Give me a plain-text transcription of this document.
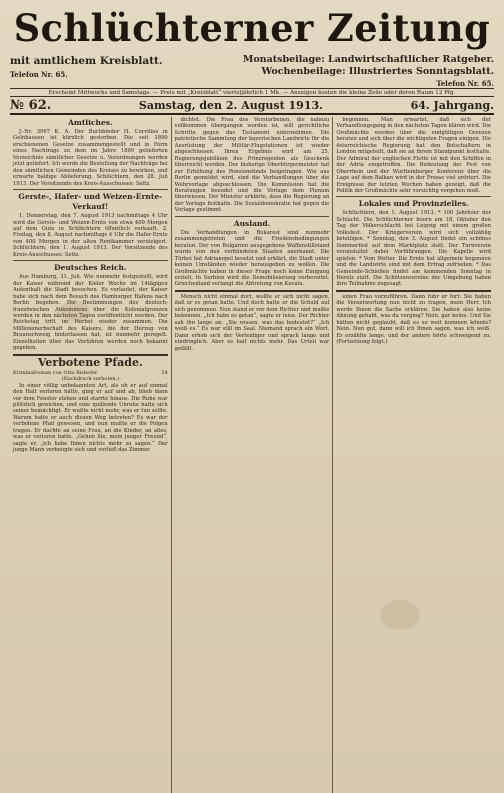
Schlüchterner Zeitung
mit amtlichem Kreisblatt.
Telefon Nr. 65.
Monatsbeilage: Landwirtschaftlicher Ratgeber.
Wochenbeilage: Illustriertes Sonntagsblatt.
Telefon Nr. 65.
Erscheint Mittwochs und Samstags. — Preis mit „Kreisblatt“ vierteljährlich 1 Mk. — Anzeigen kosten die kleine Zeile oder deren Raum 12 Pfg.
№ 62.	Samstag, den 2. August 1913.	64. Jahrgang.
Amtliches.
J.-Nr. 3967 K. A. Der Buchbinder H. Corvilius in Gelnhausen ist kürzlich gestorben. Die seit 1890 erschienenen Gesetze zusammengestellt und in Form eines Nachtrags zu dem im Jahre 1890 gelieferten Verzeichnis sämtlicher Gesetze u. Verordnungen werden jetzt geliefert. Ich werde die Bestellung der Nachträge bei den sämtlichen Gemeinden des Kreises zu bewirken, und erwarte baldige Ablieferung. Schlüchtern, den 28. Juli 1913. Der Vorsitzende des Kreis-Ausschusses: Seitz.
Gerste-, Hafer- und Weizen-Ernte-Verkauf!
1. Donnerstag, den 7. August 1913 nachmittags 4 Uhr wird die Gerste- und Weizen-Ernte von etwa 400 Morgen auf dem Gute in Schlüchtern öffentlich verkauft. 2. Freitag, den 8. August nachmittags 4 Uhr die Hafer-Ernte von 400 Morgen in der alten Rentkammer versteigert. Schlüchtern, den 1. August 1913. Der Vorsitzende des Kreis-Ausschusses: Seitz.
Deutsches Reich.
Aus Hamburg, 31. Juli. Wie nunmehr festgestellt, wird der Kaiser während der Kieler Woche im 14tägigen Aufenthalt die Stadt besuchen. Es verlautet, der Kaiser habe sich nach dem Besuch des Hamburger Hafens nach Berlin begeben. Die Bestimmungen des deutsch-französischen Abkommens über die Kolonialgrenzen werden in den nächsten Tagen veröffentlicht werden. Der Reichstag tritt im Herbst wieder zusammen. Die Millionenerbschaft des Kaisers, die der Herzog von Braunschweig hinterlassen hat, ist nunmehr geregelt. Einzelheiten über das Verfahren werden noch bekannt gegeben.
Verbotene Pfade.
Kriminalroman von Otto Bishofer.	54
(Nachdruck verboten.)
In einer völlig unbekannten Art, als ob er auf einmal den Halt verloren hätte, ging er auf und ab, blieb dann vor dem Fenster stehen und starrte hinaus. Die Ruhe war plötzlich gewichen, und eine quälende Unruhe hatte sich seiner bemächtigt. Er wußte nicht mehr, was er tun sollte. Warum hatte er auch diesen Weg betreten? Es war der verbotene Pfad gewesen, und nun mußte er die Folgen tragen. Er dachte an seine Frau, an die Kinder, an alles, was er verloren hatte. „Gehen Sie, mein junger Freund“, sagte er, „ich habe Ihnen nichts mehr zu sagen.“ Der junge Mann verbeugte sich und verließ das Zimmer.
dichtet. Die Frau des Verstorbenen, die nahezu vollkommen übergangen worden ist, will gerichtliche Schritte gegen das Testament unternehmen. Die patriotische Sammlung der bayerischen Landwirte für die Ausrüstung der Militär-Flugstationen ist wieder abgeschlossen. Ihren Ergebnis wird am 25. Regierungsjubiläum des Prinzregenten als Geschenk überreicht werden. Der bisherige Oberbürgermeister hat zur Erhöhung des Pensionsfonds beigetragen. Wie aus Berlin gemeldet wird, sind die Verhandlungen über die Wehrvorlage abgeschlossen. Die Kommission hat die Beratungen beendet und die Vorlage dem Plenum überwiesen. Der Minister erklärte, dass die Regierung an der Vorlage festhalte. Die Sozialdemokratie hat gegen die Vorlage gestimmt.
Ausland.
Die Verhandlungen in Bukarest sind nunmehr zusammengetreten und die Friedensbedingungen beraten. Der von Bulgarien ausgegebene Waffenstillstand wurde von den verbündeten Staaten anerkannt. Die Türkei hat Adrianopel besetzt und erklärt, die Stadt unter keinen Umständen wieder herausgeben zu wollen. Die Großmächte haben in dieser Frage noch keine Einigung erzielt. In Serbien wird die Demobilisierung vorbereitet. Griechenland verlangt die Abtretung von Kavala.
Mensch nicht einmal dort, wollte er sich nicht sagen, daß er es getan hatte. Und doch hatte er die Schuld auf sich genommen. Nun stand er vor dem Richter und mußte bekennen. „Ich habe es getan“, sagte er leise. Der Richter sah ihn lange an. „Sie wissen, was das bedeutet?“ „Ich weiß es.“ Es war still im Saal. Niemand sprach ein Wort. Dann erhob sich der Verteidiger und sprach lange und eindringlich. Aber es half nichts mehr. Das Urteil war gefällt.
begonnen. Man erwartet, daß sich der Verhandlungsgang in den nächsten Tagen klären wird. Die Großmächte werden über die endgültigen Grenzen beraten und sich über die wichtigsten Fragen einigen. Die österreichische Regierung hat den Botschaftern in London mitgeteilt, daß sie an ihrem Standpunkt festhalte. Der Admiral der englischen Flotte ist mit den Schiffen in der Adria eingetroffen. Die Bedeutung der Fest von Oberrhein und der Wurttemberger Konferenz über die Lage auf dem Balkan wird in der Presse viel erörtert. Die Ereignisse der letzten Wochen haben gezeigt, daß die Politik der Großmächte sehr vorsichtig vorgehen muß.
Lokales und Provinzielles.
Schlüchtern, den 1. August 1913. * 100 Jahrfeier der Schlacht. Die Schlüchterner feiern am 18. Oktober den Tag der Völkerschlacht bei Leipzig mit einem großen Volksfest. Der Kriegerverein wird sich vollzählig beteiligen. * Sonntag, den 3. August findet ein schönes Sommerfest auf dem Marktplatz statt. Der Turnverein veranstaltet dabei Vorführungen. Die Kapelle wird spielen. * Vom Wetter. Die Ernte hat allgemein begonnen und die Landwirte sind mit dem Ertrag zufrieden. * Das Gemeinde-Schießen findet am kommenden Sonntag in Herolz statt. Die Schützenvereine der Umgebung haben ihre Teilnahme zugesagt.
einen Frau vorzuführen. Dann fuhr er fort: Sie haben die Verantwortung nun nicht zu tragen, mein Herr. Ich werde Ihnen die Sache erklären. Sie haben also keine Ahnung gehabt, was da vorging? Nein, gar keine. Und Sie hätten nicht geglaubt, daß es so weit kommen könnte? Nein. Nun gut, dann will ich Ihnen sagen, was ich weiß. Er erzählte lange, und der andere hörte schweigend zu. (Fortsetzung folgt.)
